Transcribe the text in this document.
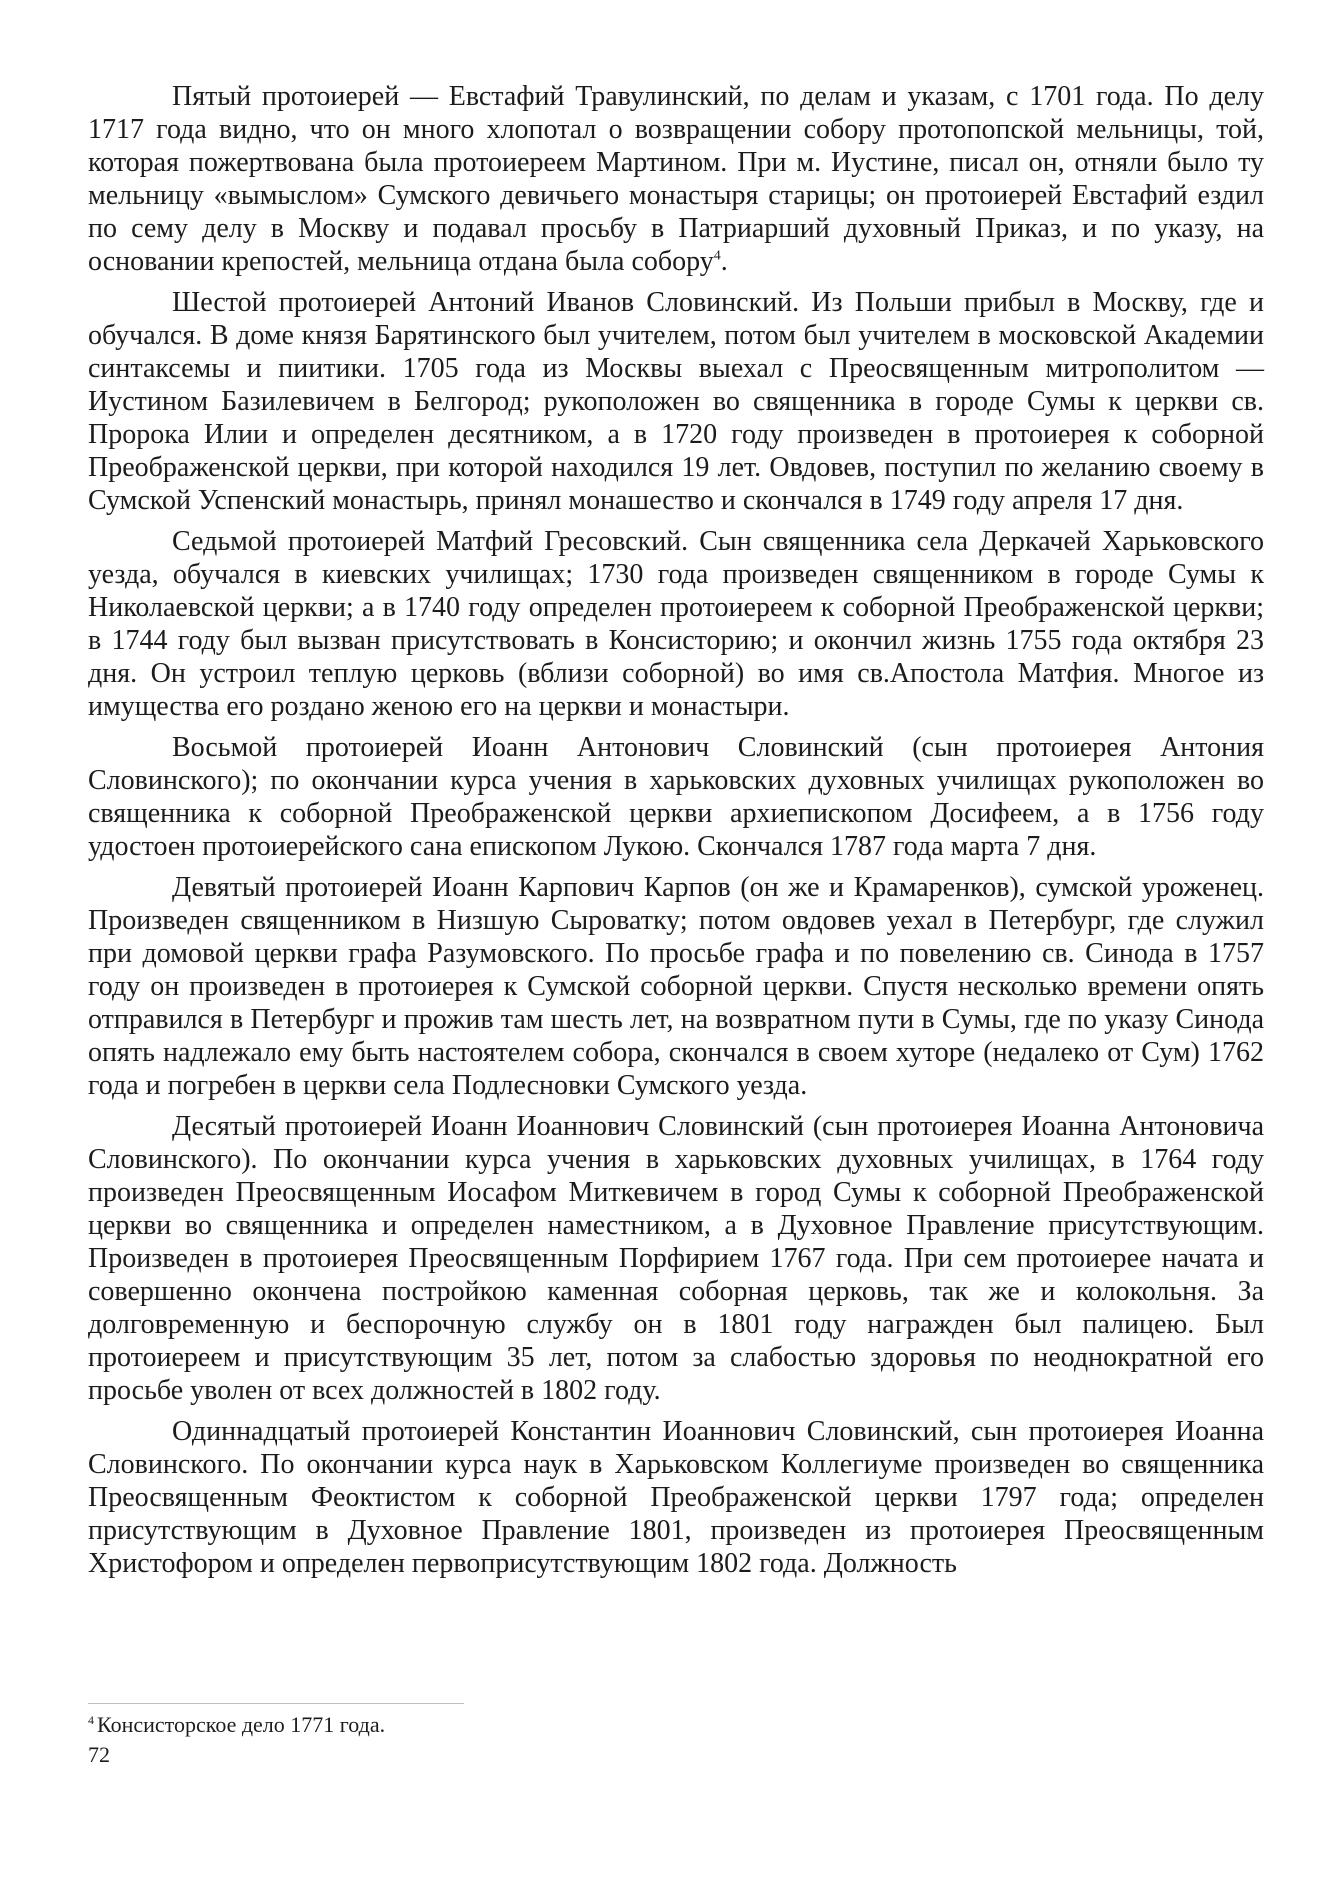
Пятый протоиерей — Евстафий Травулинский, по делам и указам, с 1701 года. По делу 1717 года видно, что он много хлопотал о возвращении собору протопопской мельницы, той, которая пожертвована была протоиереем Мартином. При м. Иустине, писал он, отняли было ту мельницу «вымыслом» Сумского девичьего монастыря старицы; он протоиерей Евстафий ездил по сему делу в Москву и подавал просьбу в Патриарший духовный Приказ, и по указу, на основании крепостей, мельница отдана была собору$^4$.

Шестой протоиерей Антоний Иванов Словинский. Из Польши прибыл в Москву, где и обучался. В доме князя Барятинского был учителем, потом был учителем в московской Академии синтаксемы и пиитики. 1705 года из Москвы выехал с Преосвященным митрополитом — Иустином Базилевичем в Белгород; рукоположен во священника в городе Сумы к церкви св. Пророка Илии и определен десятником, а в 1720 году произведен в протоиерея к соборной Преображенской церкви, при которой находился 19 лет. Овдовев, поступил по желанию своему в Сумской Успенский монастырь, принял монашество и скончался в 1749 году апреля 17 дня.

Седьмой протоиерей Матфий Гресовский. Сын священника села Деркачей Харьковского уезда, обучался в киевских училищах; 1730 года произведен священником в городе Сумы к Николаевской церкви; а в 1740 году определен протоиереем к соборной Преображенской церкви; в 1744 году был вызван присутствовать в Консисторию; и окончил жизнь 1755 года октября 23 дня. Он устроил теплую церковь (вблизи соборной) во имя св.Апостола Матфия. Многое из имущества его роздано женою его на церкви и монастыри.

Восьмой протоиерей Иоанн Антонович Словинский (сын протоиерея Антония Словинского); по окончании курса учения в харьковских духовных училищах рукоположен во священника к соборной Преображенской церкви архиепископом Досифеем, а в 1756 году удостоен протоиерейского сана епископом Лукою. Скончался 1787 года марта 7 дня.

Девятый протоиерей Иоанн Карпович Карпов (он же и Крамаренков), сумской уроженец. Произведен священником в Низшую Сыроватку; потом овдовев уехал в Петербург, где служил при домовой церкви графа Разумовского. По просьбе графа и по повелению св. Синода в 1757 году он произведен в протоиерея к Сумской соборной церкви. Спустя несколько времени опять отправился в Петербург и прожив там шесть лет, на возвратном пути в Сумы, где по указу Синода опять надлежало ему быть настоятелем собора, скончался в своем хуторе (недалеко от Сум) 1762 года и погребен в церкви села Подлесновки Сумского уезда.

Десятый протоиерей Иоанн Иоаннович Словинский (сын протоиерея Иоанна Антоновича Словинского). По окончании курса учения в харьковских духовных училищах, в 1764 году произведен Преосвященным Иосафом Миткевичем в город Сумы к соборной Преображенской церкви во священника и определен наместником, а в Духовное Правление присутствующим. Произведен в протоиерея Преосвященным Порфирием 1767 года. При сем протоиерее начата и совершенно окончена постройкою каменная соборная церковь, так же и колокольня. За долговременную и беспорочную службу он в 1801 году награжден был палицею. Был протоиереем и присутствующим 35 лет, потом за слабостью здоровья по неоднократной его просьбе уволен от всех должностей в 1802 году.

Одиннадцатый протоиерей Константин Иоаннович Словинский, сын протоиерея Иоанна Словинского. По окончании курса наук в Харьковском Коллегиуме произведен во священника Преосвященным Феоктистом к соборной Преображенской церкви 1797 года; определен присутствующим в Духовное Правление 1801, произведен из протоиерея Преосвященным Христофором и определен первоприсутствующим 1802 года. Должность

$^4$ Консисторское дело 1771 года.
72
